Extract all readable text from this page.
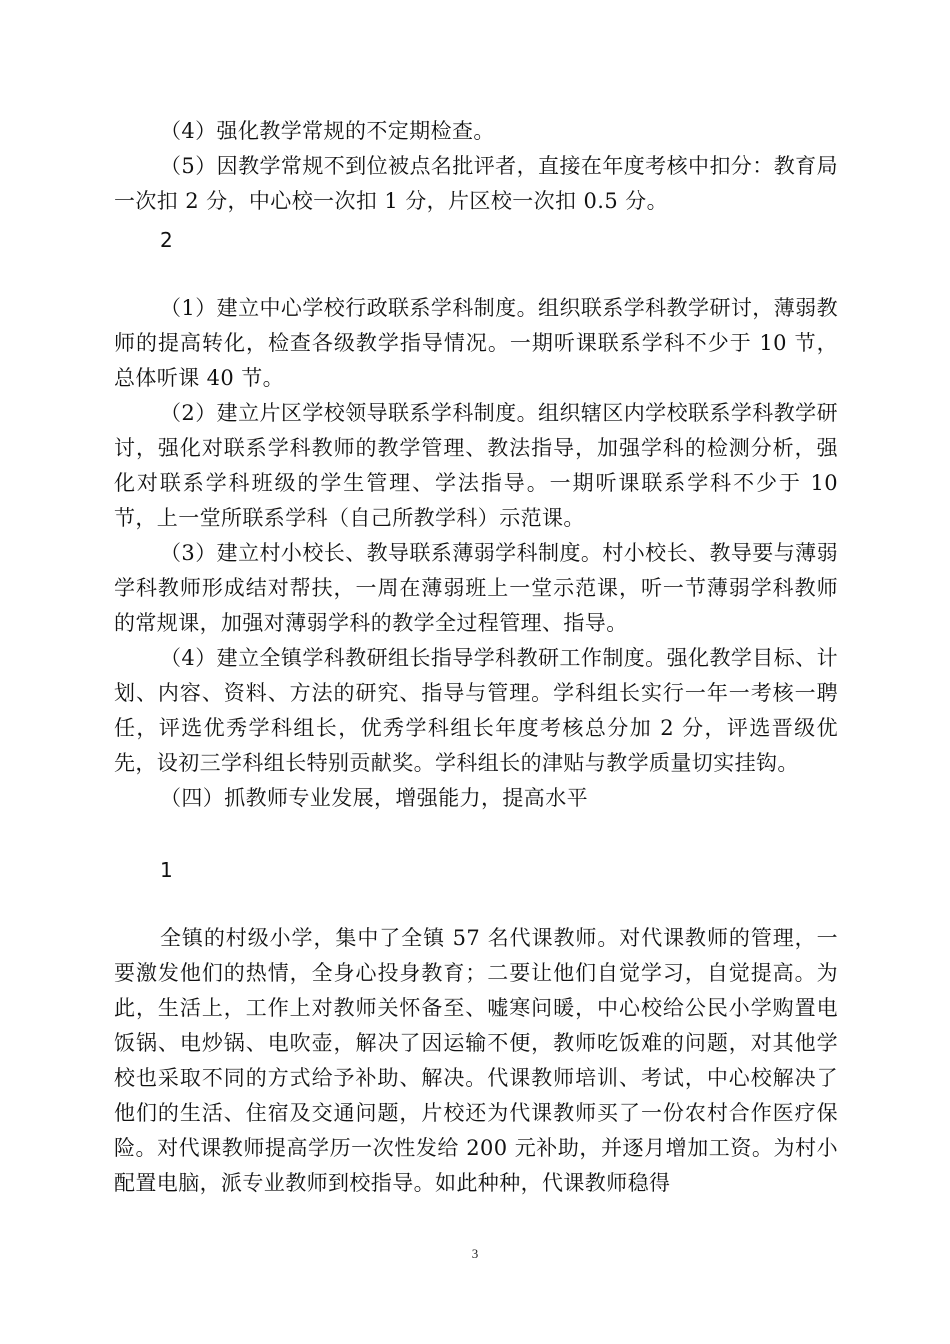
（4）强化教学常规的不定期检查。

（5）因教学常规不到位被点名批评者，直接在年度考核中扣分：教育局一次扣 2 分，中心校一次扣 1 分，片区校一次扣 0.5 分。

2

（1）建立中心学校行政联系学科制度。组织联系学科教学研讨，薄弱教师的提高转化，检查各级教学指导情况。一期听课联系学科不少于 10 节，总体听课 40 节。

（2）建立片区学校领导联系学科制度。组织辖区内学校联系学科教学研讨，强化对联系学科教师的教学管理、教法指导，加强学科的检测分析，强化对联系学科班级的学生管理、学法指导。一期听课联系学科不少于 10 节，上一堂所联系学科（自己所教学科）示范课。

（3）建立村小校长、教导联系薄弱学科制度。村小校长、教导要与薄弱学科教师形成结对帮扶，一周在薄弱班上一堂示范课，听一节薄弱学科教师的常规课，加强对薄弱学科的教学全过程管理、指导。

（4）建立全镇学科教研组长指导学科教研工作制度。强化教学目标、计划、内容、资料、方法的研究、指导与管理。学科组长实行一年一考核一聘任，评选优秀学科组长，优秀学科组长年度考核总分加 2 分，评选晋级优先，设初三学科组长特别贡献奖。学科组长的津贴与教学质量切实挂钩。

（四）抓教师专业发展，增强能力，提高水平

1

全镇的村级小学，集中了全镇 57 名代课教师。对代课教师的管理，一要激发他们的热情，全身心投身教育；二要让他们自觉学习，自觉提高。为此，生活上，工作上对教师关怀备至、嘘寒问暖，中心校给公民小学购置电饭锅、电炒锅、电吹壶，解决了因运输不便，教师吃饭难的问题，对其他学校也采取不同的方式给予补助、解决。代课教师培训、考试，中心校解决了他们的生活、住宿及交通问题，片校还为代课教师买了一份农村合作医疗保险。对代课教师提高学历一次性发给 200 元补助，并逐月增加工资。为村小配置电脑，派专业教师到校指导。如此种种，代课教师稳得

3
